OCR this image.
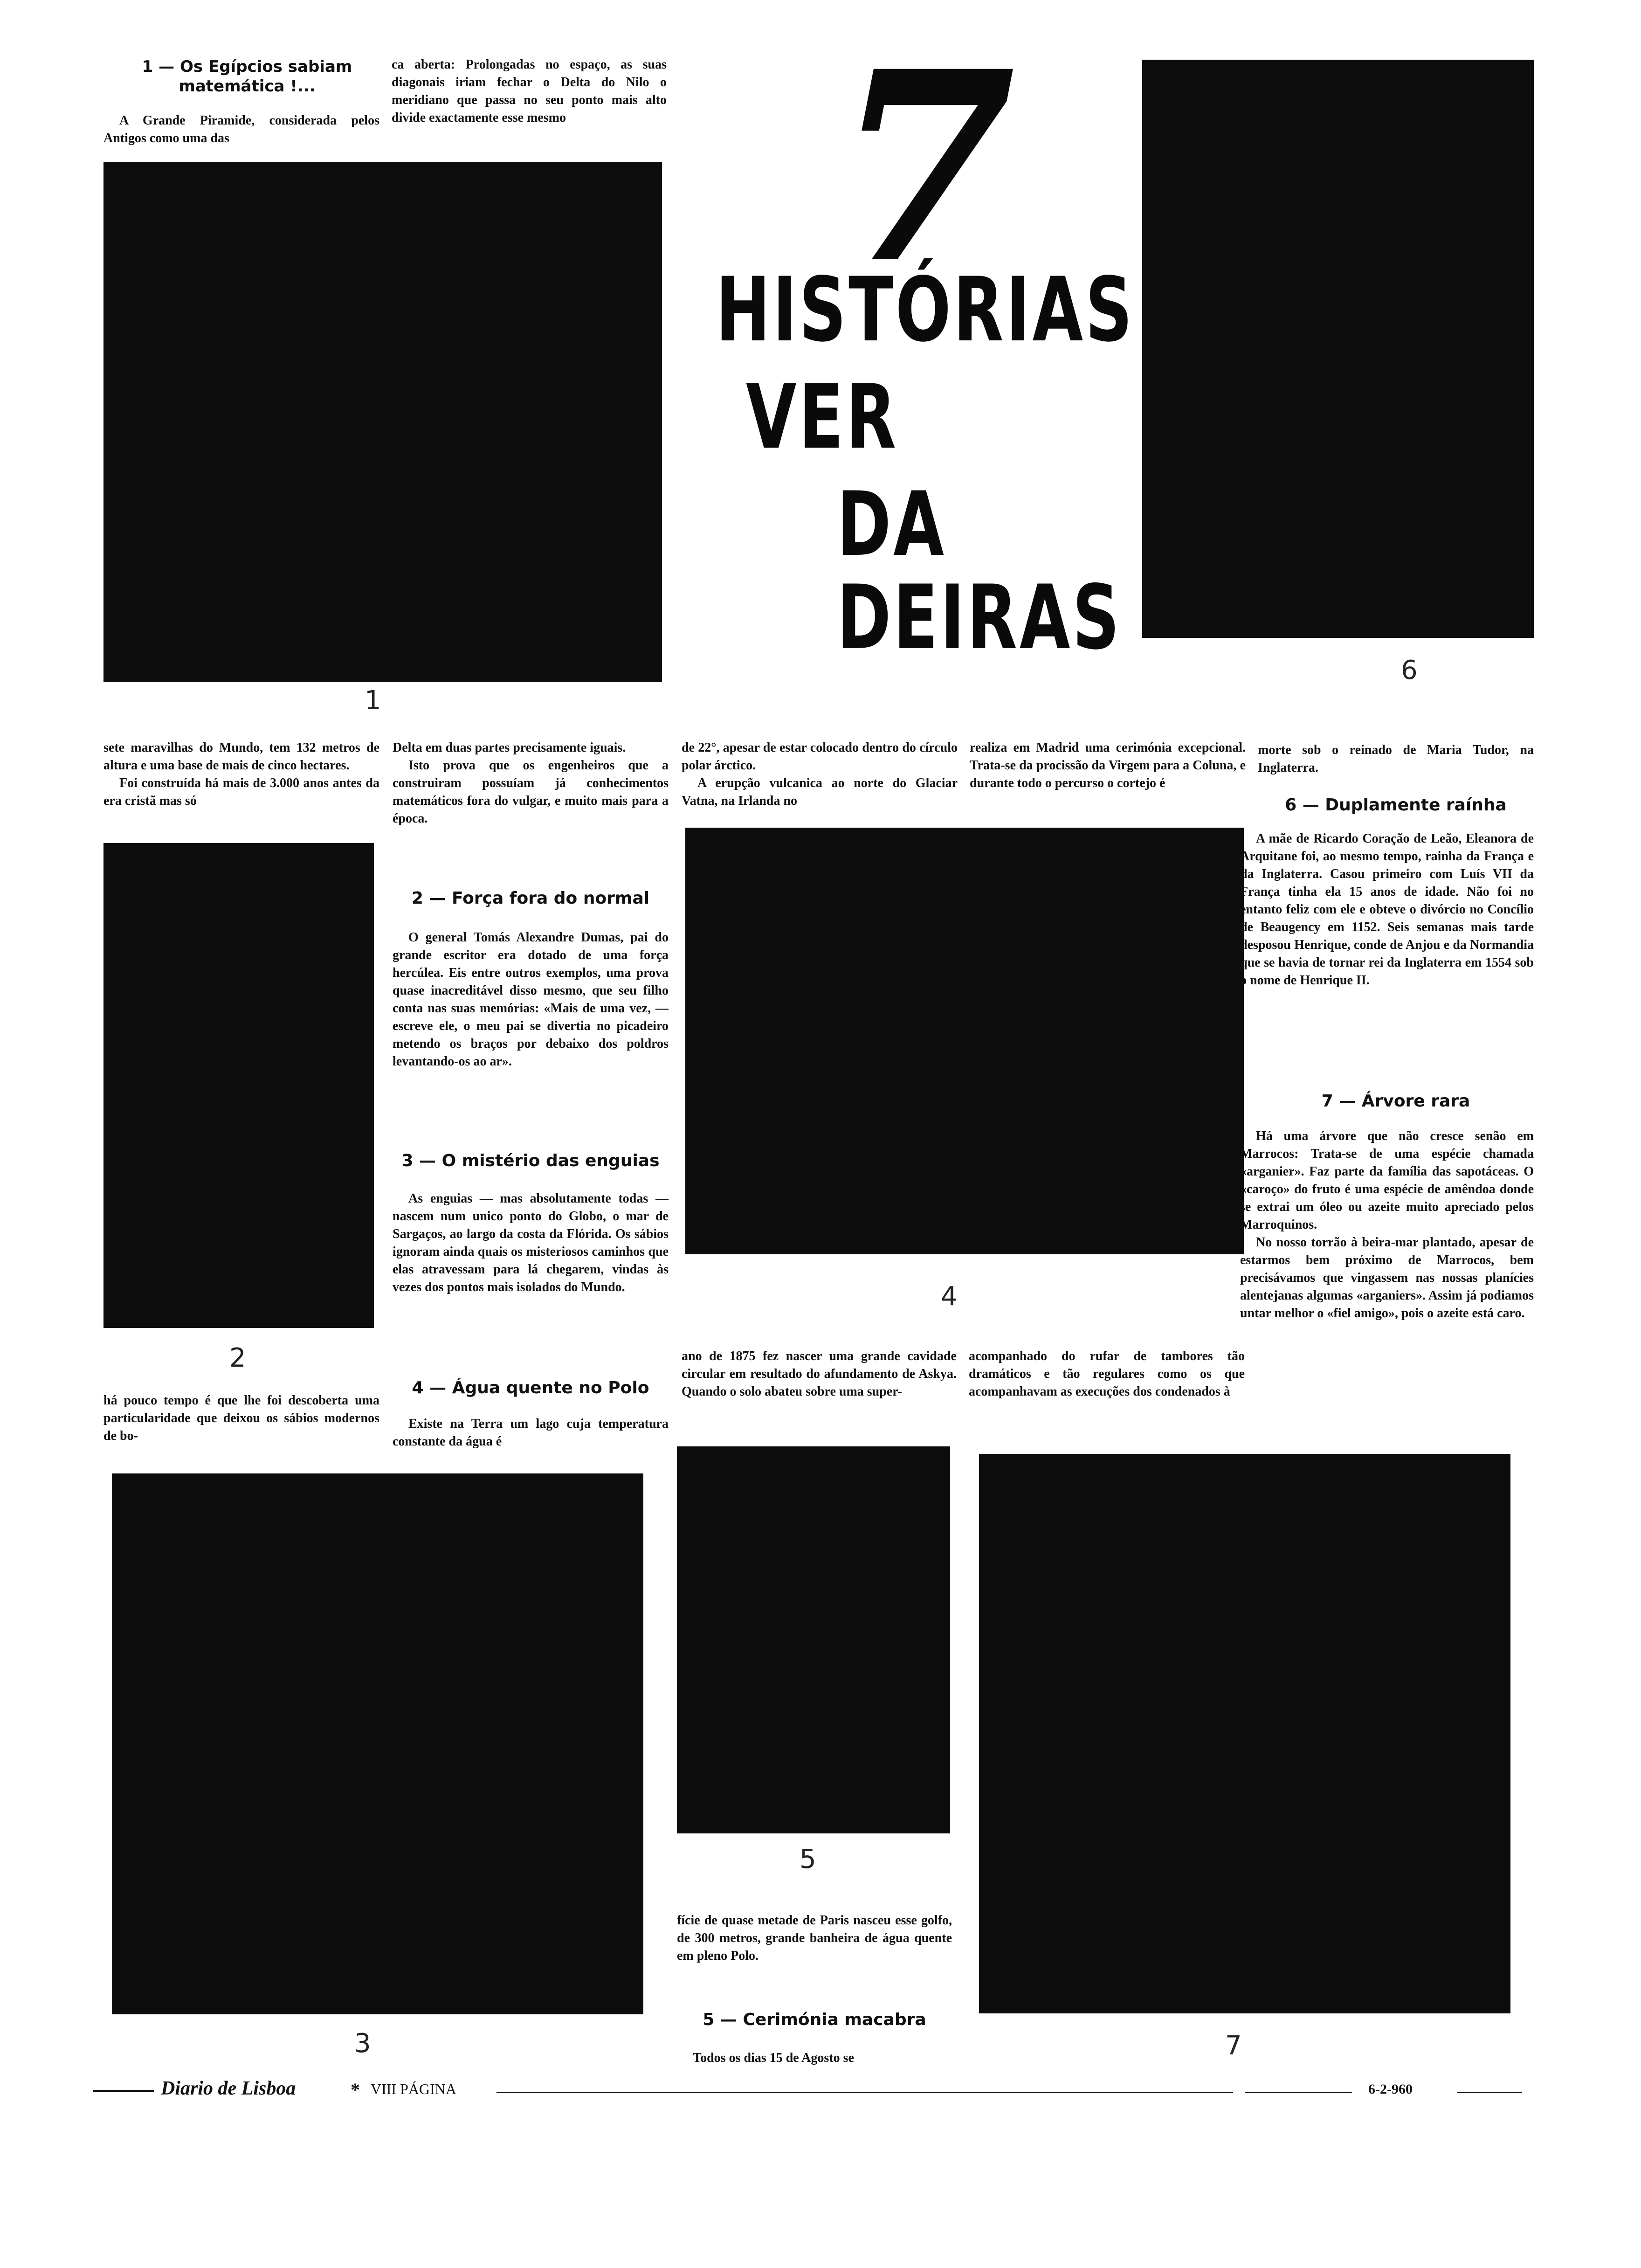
1 — Os Egípcios sabiam matemática !...

A Grande Piramide, considerada pelos Antigos como uma das

ca aberta: Prolongadas no espaço, as suas diagonais iriam fechar o Delta do Nilo o meridiano que passa no seu ponto mais alto divide exactamente esse mesmo

1
7
HISTÓRIAS
VER
DA
DEIRAS
6

sete maravilhas do Mundo, tem 132 metros de altura e uma base de mais de cinco hectares.

Foi construída há mais de 3.000 anos antes da era cristã mas só

2

há pouco tempo é que lhe foi descoberta uma particularidade que deixou os sábios modernos de bo-

Delta em duas partes precisamente iguais.

Isto prova que os engenheiros que a construiram possuíam já conhecimentos matemáticos fora do vulgar, e muito mais para a época.

2 — Força fora do normal

O general Tomás Alexandre Dumas, pai do grande escritor era dotado de uma força hercúlea. Eis entre outros exemplos, uma prova quase inacreditável disso mesmo, que seu filho conta nas suas memórias: «Mais de uma vez, — escreve ele, o meu pai se divertia no picadeiro metendo os braços por debaixo dos poldros levantando-os ao ar».

3 — O mistério das enguias

As enguias — mas absolutamente todas — nascem num unico ponto do Globo, o mar de Sargaços, ao largo da costa da Flórida. Os sábios ignoram ainda quais os misteriosos caminhos que elas atravessam para lá chegarem, vindas às vezes dos pontos mais isolados do Mundo.

4 — Água quente no Polo

Existe na Terra um lago cuja temperatura constante da água é

de 22°, apesar de estar colocado dentro do círculo polar árctico.

A erupção vulcanica ao norte do Glaciar Vatna, na Irlanda no

realiza em Madrid uma cerimónia excepcional. Trata-se da procissão da Virgem para a Coluna, e durante todo o percurso o cortejo é

4

ano de 1875 fez nascer uma grande cavidade circular em resultado do afundamento de Askya. Quando o solo abateu sobre uma super-

acompanhado do rufar de tambores tão dramáticos e tão regulares como os que acompanhavam as execuções dos condenados à

morte sob o reinado de Maria Tudor, na Inglaterra.

6 — Duplamente raínha

A mãe de Ricardo Coração de Leão, Eleanora de Arquitane foi, ao mesmo tempo, rainha da França e da Inglaterra. Casou primeiro com Luís VII da França tinha ela 15 anos de idade. Não foi no entanto feliz com ele e obteve o divórcio no Concílio de Beaugency em 1152. Seis semanas mais tarde desposou Henrique, conde de Anjou e da Normandia que se havia de tornar rei da Inglaterra em 1554 sob o nome de Henrique II.

7 — Árvore rara

Há uma árvore que não cresce senão em Marrocos: Trata-se de uma espécie chamada «arganier». Faz parte da família das sapotáceas. O «caroço» do fruto é uma espécie de amêndoa donde se extrai um óleo ou azeite muito apreciado pelos Marroquinos.

No nosso torrão à beira-mar plantado, apesar de estarmos bem próximo de Marrocos, bem precisávamos que vingassem nas nossas planícies alentejanas algumas «arganiers». Assim já podiamos untar melhor o «fiel amigo», pois o azeite está caro.

3
5

fície de quase metade de Paris nasceu esse golfo, de 300 metros, grande banheira de água quente em pleno Polo.

5 — Cerimónia macabra

Todos os dias 15 de Agosto se	7
Diario de Lisboa	* VIII PÁGINA	6-2-960
